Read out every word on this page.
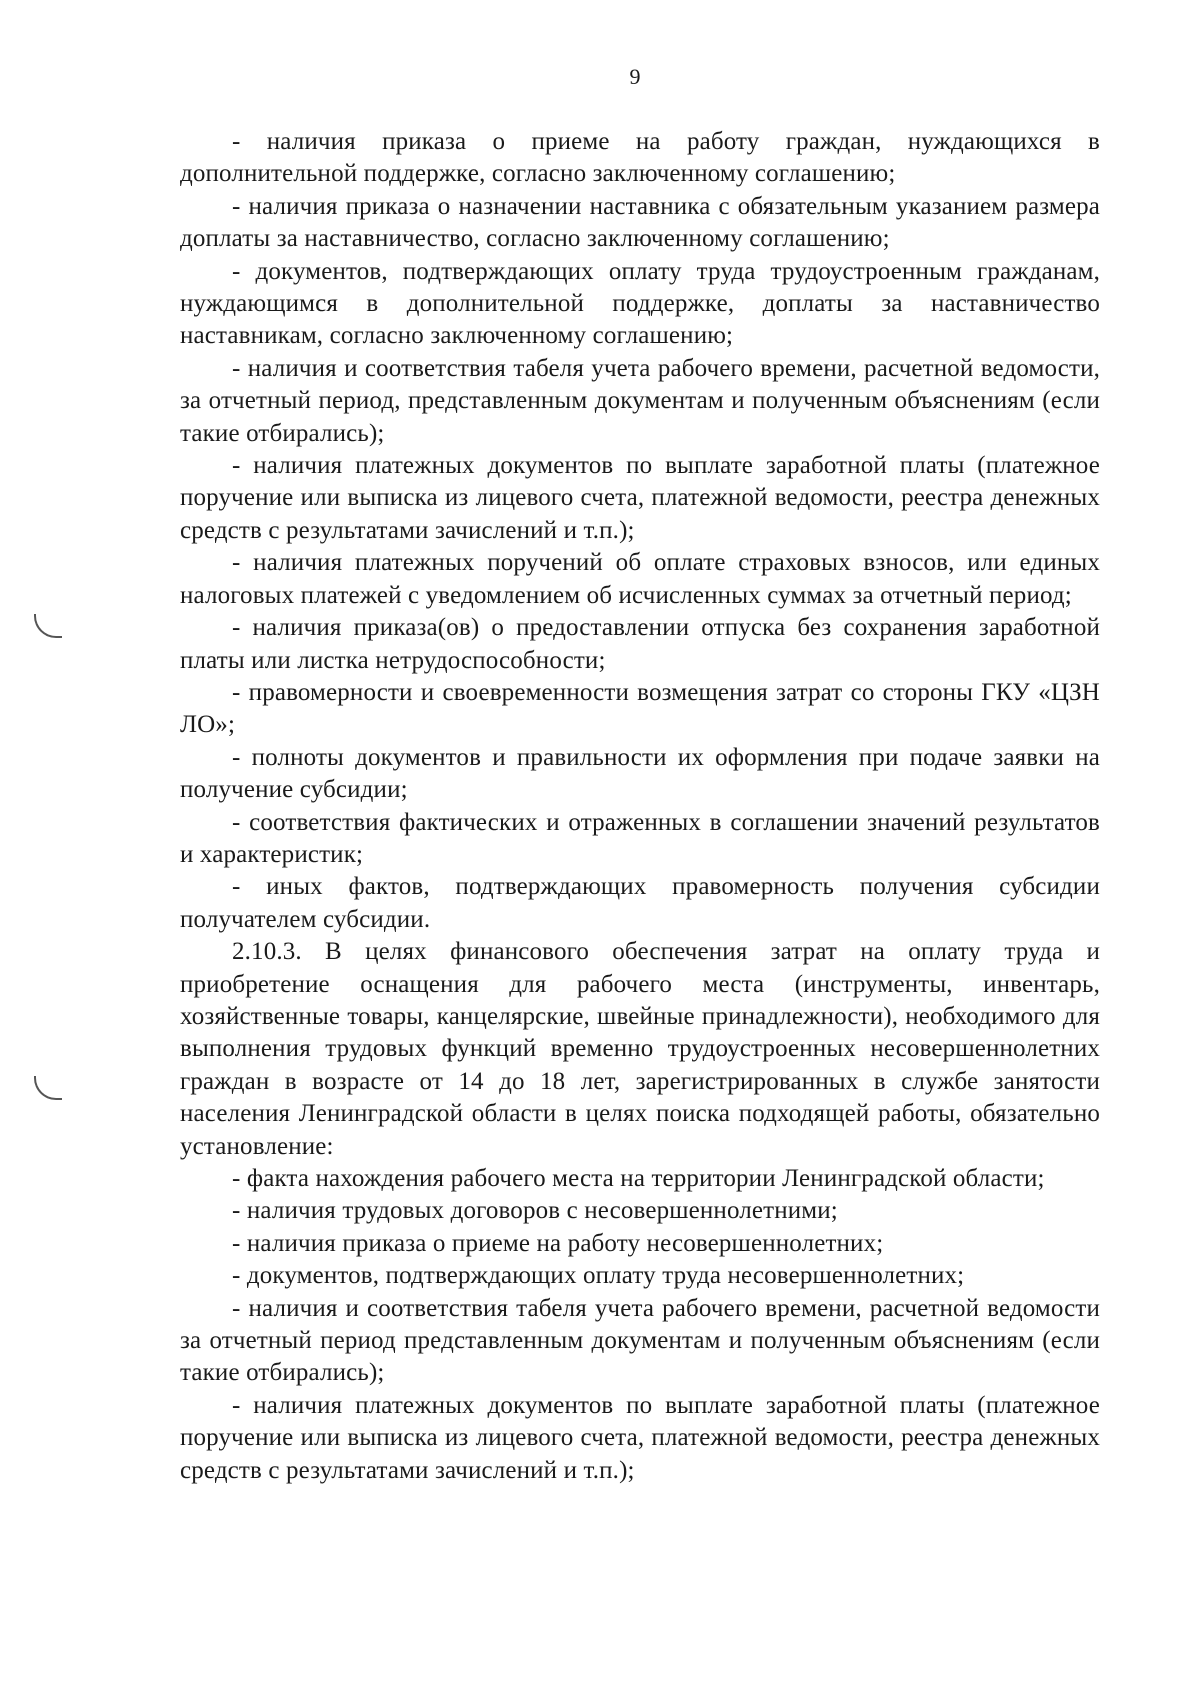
9

- наличия приказа о приеме на работу граждан, нуждающихся в дополнительной поддержке, согласно заключенному соглашению;

- наличия приказа о назначении наставника с обязательным указанием размера доплаты за наставничество, согласно заключенному соглашению;

- документов, подтверждающих оплату труда трудоустроенным гражданам, нуждающимся в дополнительной поддержке, доплаты за наставничество наставникам, согласно заключенному соглашению;

- наличия и соответствия табеля учета рабочего времени, расчетной ведомости, за отчетный период, представленным документам и полученным объяснениям (если такие отбирались);

- наличия платежных документов по выплате заработной платы (платежное поручение или выписка из лицевого счета, платежной ведомости, реестра денежных средств с результатами зачислений и т.п.);

- наличия платежных поручений об оплате страховых взносов, или единых налоговых платежей с уведомлением об исчисленных суммах за отчетный период;

- наличия приказа(ов) о предоставлении отпуска без сохранения заработной платы или листка нетрудоспособности;

- правомерности и своевременности возмещения затрат со стороны ГКУ «ЦЗН ЛО»;

- полноты документов и правильности их оформления при подаче заявки на получение субсидии;

- соответствия фактических и отраженных в соглашении значений результатов и характеристик;

- иных фактов, подтверждающих правомерность получения субсидии получателем субсидии.

2.10.3. В целях финансового обеспечения затрат на оплату труда и приобретение оснащения для рабочего места (инструменты, инвентарь, хозяйственные товары, канцелярские, швейные принадлежности), необходимого для выполнения трудовых функций временно трудоустроенных несовершеннолетних граждан в возрасте от 14 до 18 лет, зарегистрированных в службе занятости населения Ленинградской области в целях поиска подходящей работы, обязательно установление:

- факта нахождения рабочего места на территории Ленинградской области;

- наличия трудовых договоров с несовершеннолетними;

- наличия приказа о приеме на работу несовершеннолетних;

- документов, подтверждающих оплату труда несовершеннолетних;

- наличия и соответствия табеля учета рабочего времени, расчетной ведомости за отчетный период представленным документам и полученным объяснениям (если такие отбирались);

- наличия платежных документов по выплате заработной платы (платежное поручение или выписка из лицевого счета, платежной ведомости, реестра денежных средств с результатами зачислений и т.п.);
